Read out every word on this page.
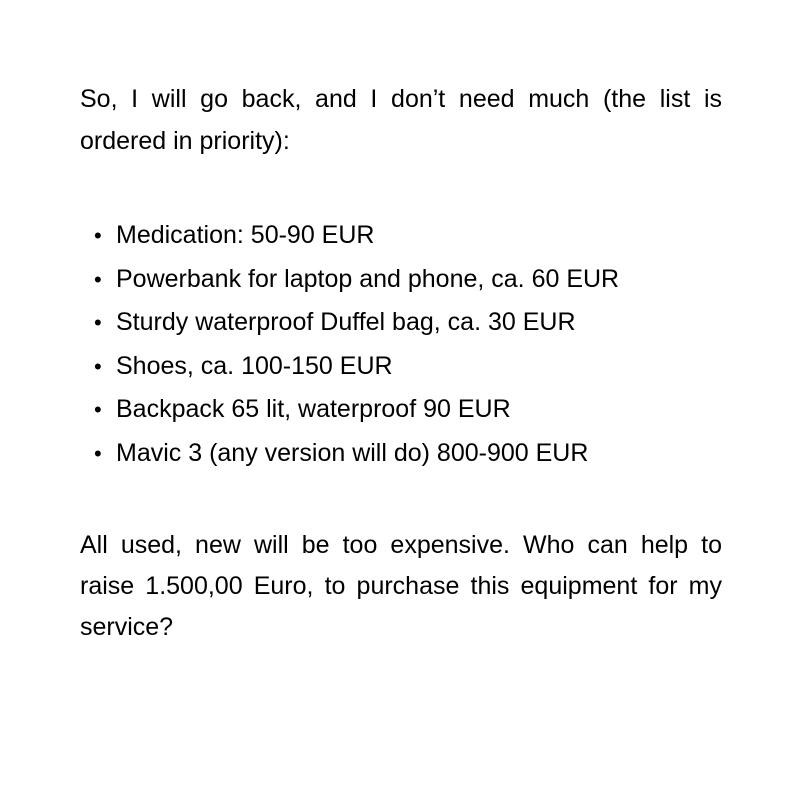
So, I will go back, and I don’t need much (the list is ordered in priority):

• Medication: 50-90 EUR
• Powerbank for laptop and phone, ca. 60 EUR
• Sturdy waterproof Duffel bag, ca. 30 EUR
• Shoes, ca. 100-150 EUR
• Backpack 65 lit, waterproof 90 EUR
• Mavic 3 (any version will do) 800-900 EUR

All used, new will be too expensive. Who can help to raise 1.500,00 Euro, to purchase this equipment for my service?
